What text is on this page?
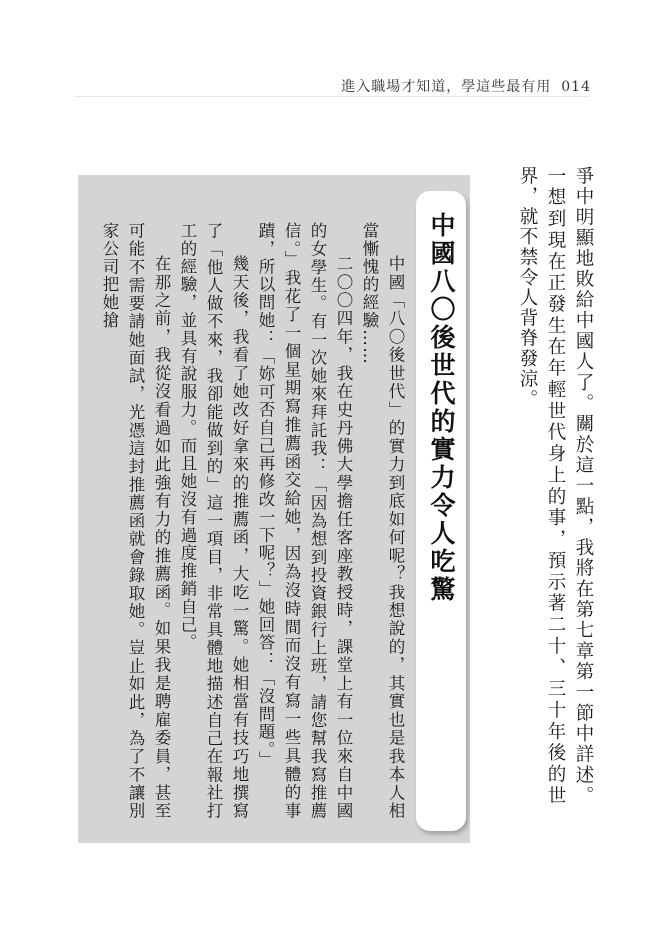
進入職場才知道，學這些最有用 014
爭中明顯地敗給中國人了。關於這一點，我將在第七章第一節中詳述。一想到現在正發生在年輕世代身上的事，預示著二十、三十年後的世界，就不禁令人背脊發涼。
中國八〇後世代的實力令人吃驚

中國「八〇後世代」的實力到底如何呢？我想說的，其實也是我本人相當慚愧的經驗……

二〇〇四年，我在史丹佛大學擔任客座教授時，課堂上有一位來自中國的女學生。有一次她來拜託我：「因為想到投資銀行上班，請您幫我寫推薦信。」我花了一個星期寫推薦函交給她，因為沒時間而沒有寫一些具體的事蹟，所以問她：「妳可否自己再修改一下呢？」她回答：「沒問題。」

幾天後，我看了她改好拿來的推薦函，大吃一驚。她相當有技巧地撰寫了「他人做不來，我卻能做到的」這一項目，非常具體地描述自己在報社打工的經驗，並具有說服力。而且她沒有過度推銷自己。

在那之前，我從沒看過如此強有力的推薦函。如果我是聘雇委員，甚至可能不需要請她面試，光憑這封推薦函就會錄取她。豈止如此，為了不讓別家公司把她搶
